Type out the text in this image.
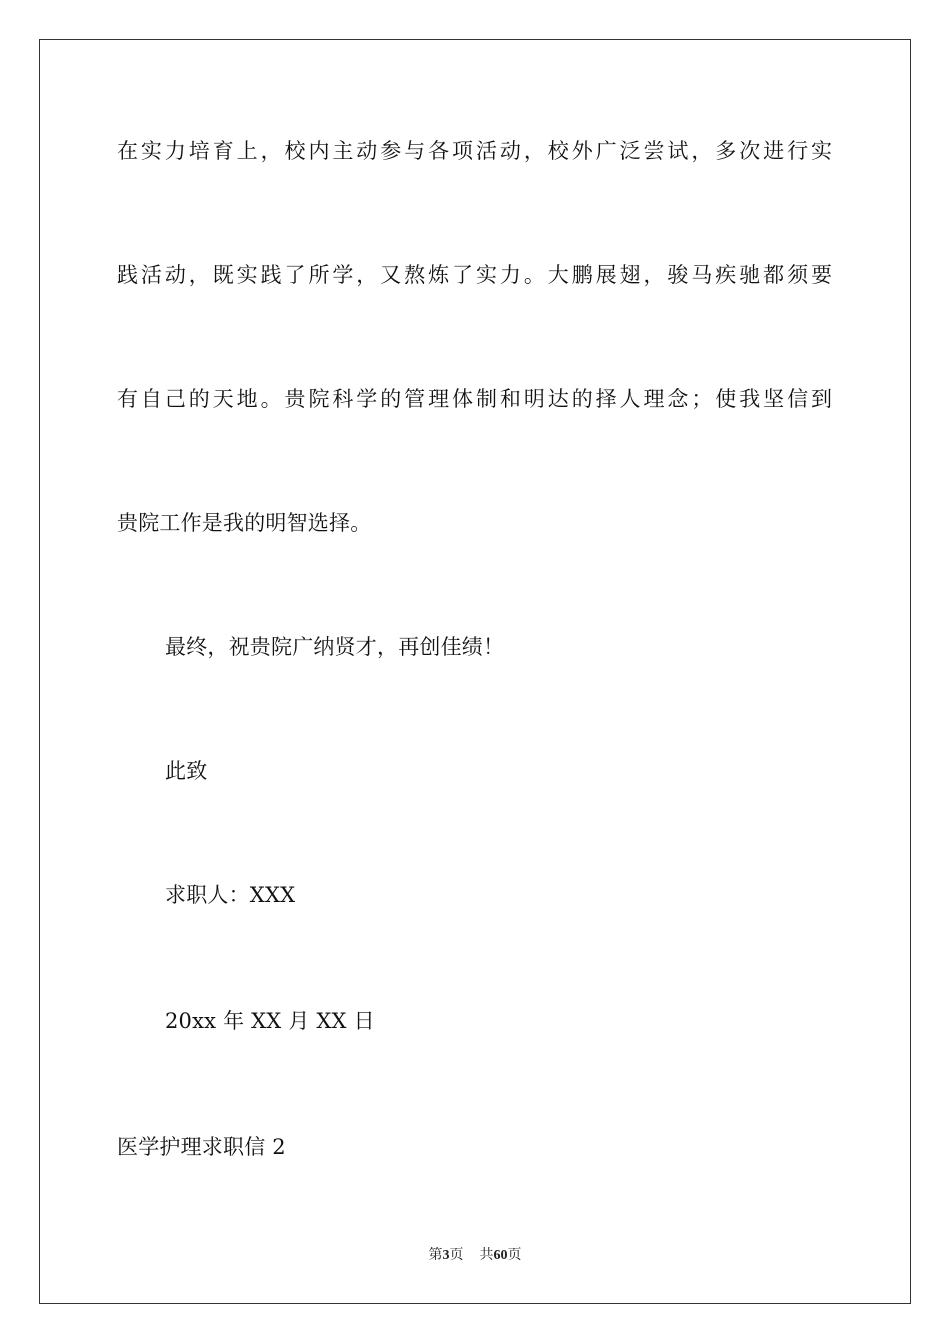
在实力培育上，校内主动参与各项活动，校外广泛尝试，多次进行实
践活动，既实践了所学，又熬炼了实力。大鹏展翅，骏马疾驰都须要
有自己的天地。贵院科学的管理体制和明达的择人理念；使我坚信到
贵院工作是我的明智选择。
最终，祝贵院广纳贤才，再创佳绩！
此致
求职人：XXX
20xx 年 XX 月 XX 日
医学护理求职信 2
第3页 共60页
